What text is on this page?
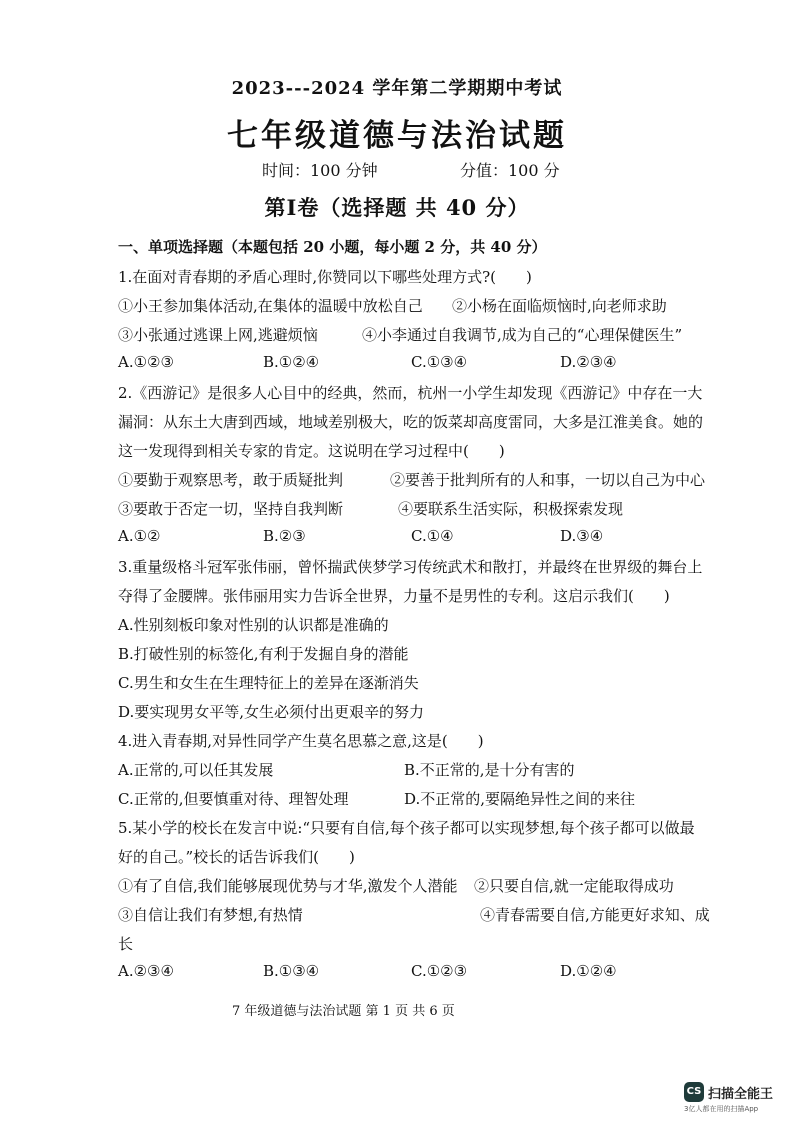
2023---2024 学年第二学期期中考试
七年级道德与法治试题
时间：100 分钟	分值：100 分
第Ⅰ卷（选择题 共 40 分）
一、单项选择题（本题包括 20 小题，每小题 2 分，共 40 分）
1.在面对青春期的矛盾心理时,你赞同以下哪些处理方式?(　　)
①小王参加集体活动,在集体的温暖中放松自己 ②小杨在面临烦恼时,向老师求助
③小张通过逃课上网,逃避烦恼	④小李通过自我调节,成为自己的“心理保健医生”
A.①②③	B.①②④	C.①③④	D.②③④
2.《西游记》是很多人心目中的经典，然而，杭州一小学生却发现《西游记》中存在一大
漏洞：从东土大唐到西域，地域差别极大，吃的饭菜却高度雷同，大多是江淮美食。她的
这一发现得到相关专家的肯定。这说明在学习过程中(　　)
①要勤于观察思考，敢于质疑批判	②要善于批判所有的人和事，一切以自己为中心
③要敢于否定一切，坚持自我判断	④要联系生活实际，积极探索发现
A.①②	B.②③	C.①④	D.③④
3.重量级格斗冠军张伟丽，曾怀揣武侠梦学习传统武术和散打，并最终在世界级的舞台上
夺得了金腰牌。张伟丽用实力告诉全世界，力量不是男性的专利。这启示我们(　　)
A.性别刻板印象对性别的认识都是准确的
B.打破性别的标签化,有利于发掘自身的潜能
C.男生和女生在生理特征上的差异在逐渐消失
D.要实现男女平等,女生必须付出更艰辛的努力
4.进入青春期,对异性同学产生莫名思慕之意,这是(　　)
A.正常的,可以任其发展	B.不正常的,是十分有害的
C.正常的,但要慎重对待、理智处理	D.不正常的,要隔绝异性之间的来往
5.某小学的校长在发言中说:“只要有自信,每个孩子都可以实现梦想,每个孩子都可以做最
好的自己。”校长的话告诉我们(　　)
①有了自信,我们能够展现优势与才华,激发个人潜能 ②只要自信,就一定能取得成功
③自信让我们有梦想,有热情	④青春需要自信,方能更好求知、成
长
A.②③④	B.①③④	C.①②③	D.①②④
7 年级道德与法治试题 第 1 页 共 6 页
CS 扫描全能王
3亿人都在用的扫描App
